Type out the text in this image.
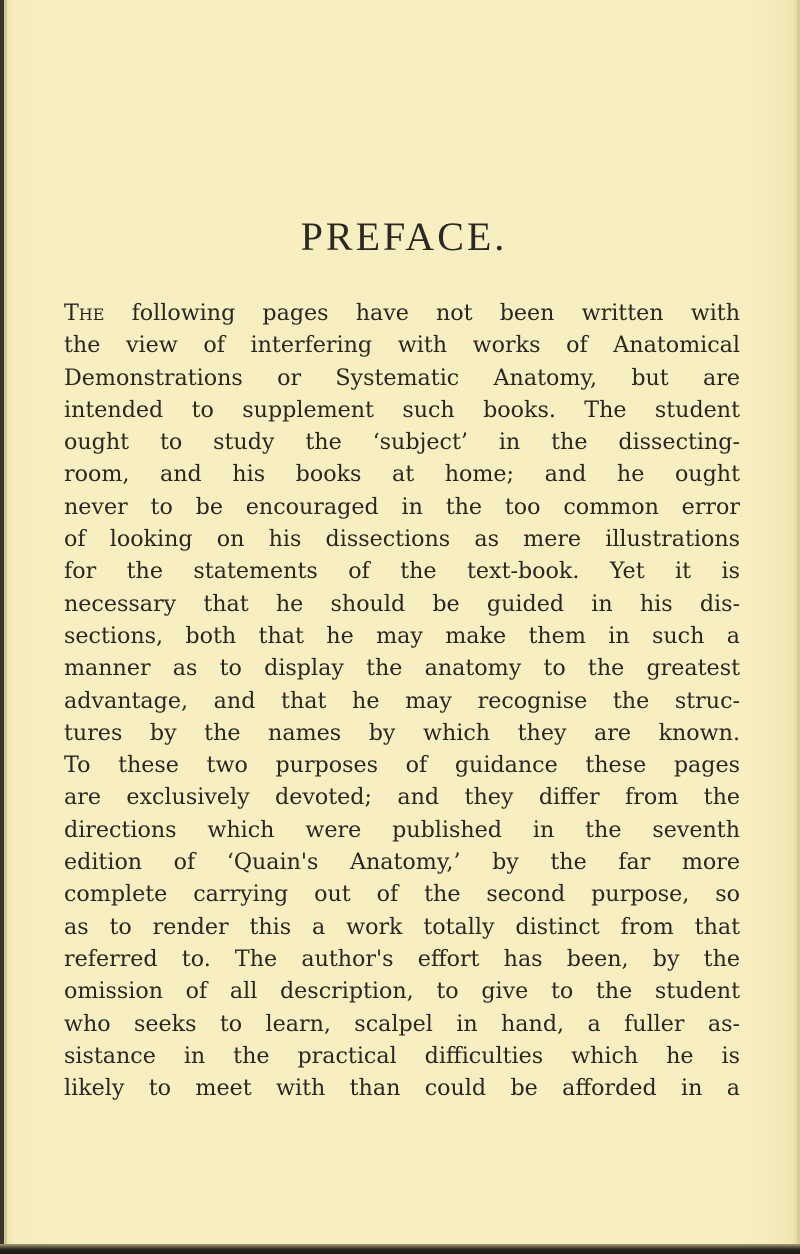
PREFACE.
The following pages have not been written with
the view of interfering with works of Anatomical
Demonstrations or Systematic Anatomy, but are
intended to supplement such books. The student
ought to study the ‘subject’ in the dissecting-
room, and his books at home; and he ought
never to be encouraged in the too common error
of looking on his dissections as mere illustrations
for the statements of the text-book. Yet it is
necessary that he should be guided in his dis-
sections, both that he may make them in such a
manner as to display the anatomy to the greatest
advantage, and that he may recognise the struc-
tures by the names by which they are known.
To these two purposes of guidance these pages
are exclusively devoted; and they differ from the
directions which were published in the seventh
edition of ‘Quain's Anatomy,’ by the far more
complete carrying out of the second purpose, so
as to render this a work totally distinct from that
referred to. The author's effort has been, by the
omission of all description, to give to the student
who seeks to learn, scalpel in hand, a fuller as-
sistance in the practical difficulties which he is
likely to meet with than could be afforded in a
